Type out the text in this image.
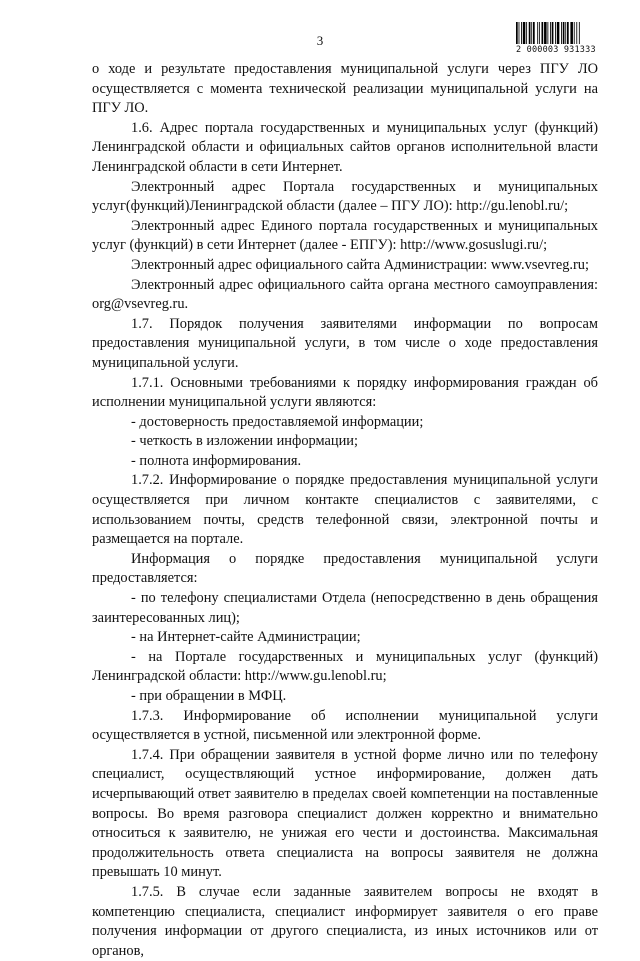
3
2 000003 931333

о ходе и результате предоставления муниципальной услуги через ПГУ ЛО осуществляется с момента технической реализации муниципальной услуги на ПГУ ЛО.

1.6. Адрес портала государственных и муниципальных услуг (функций) Ленинградской области и официальных сайтов органов исполнительной власти Ленинградской области в сети Интернет.

Электронный адрес Портала государственных и муниципальных услуг(функций)Ленинградской области (далее – ПГУ ЛО): http://gu.lenobl.ru/;

Электронный адрес Единого портала государственных и муниципальных услуг (функций) в сети Интернет (далее - ЕПГУ): http://www.gosuslugi.ru/;

Электронный адрес официального сайта Администрации: www.vsevreg.ru;

Электронный адрес официального сайта органа местного самоуправления: org@vsevreg.ru.

1.7. Порядок получения заявителями информации по вопросам предоставления муниципальной услуги, в том числе о ходе предоставления муниципальной услуги.

1.7.1. Основными требованиями к порядку информирования граждан об исполнении муниципальной услуги являются:

- достоверность предоставляемой информации;

- четкость в изложении информации;

- полнота информирования.

1.7.2. Информирование о порядке предоставления муниципальной услуги осуществляется при личном контакте специалистов с заявителями, с использованием почты, средств телефонной связи, электронной почты и размещается на портале.

Информация о порядке предоставления муниципальной услуги предоставляется:

- по телефону специалистами Отдела (непосредственно в день обращения заинтересованных лиц);

- на Интернет-сайте Администрации;

- на Портале государственных и муниципальных услуг (функций) Ленинградской области: http://www.gu.lenobl.ru;

- при обращении в МФЦ.

1.7.3. Информирование об исполнении муниципальной услуги осуществляется в устной, письменной или электронной форме.

1.7.4. При обращении заявителя в устной форме лично или по телефону специалист, осуществляющий устное информирование, должен дать исчерпывающий ответ заявителю в пределах своей компетенции на поставленные вопросы. Во время разговора специалист должен корректно и внимательно относиться к заявителю, не унижая его чести и достоинства. Максимальная продолжительность ответа специалиста на вопросы заявителя не должна превышать 10 минут.

1.7.5. В случае если заданные заявителем вопросы не входят в компетенцию специалиста, специалист информирует заявителя о его праве получения информации от другого специалиста, из иных источников или от органов,
